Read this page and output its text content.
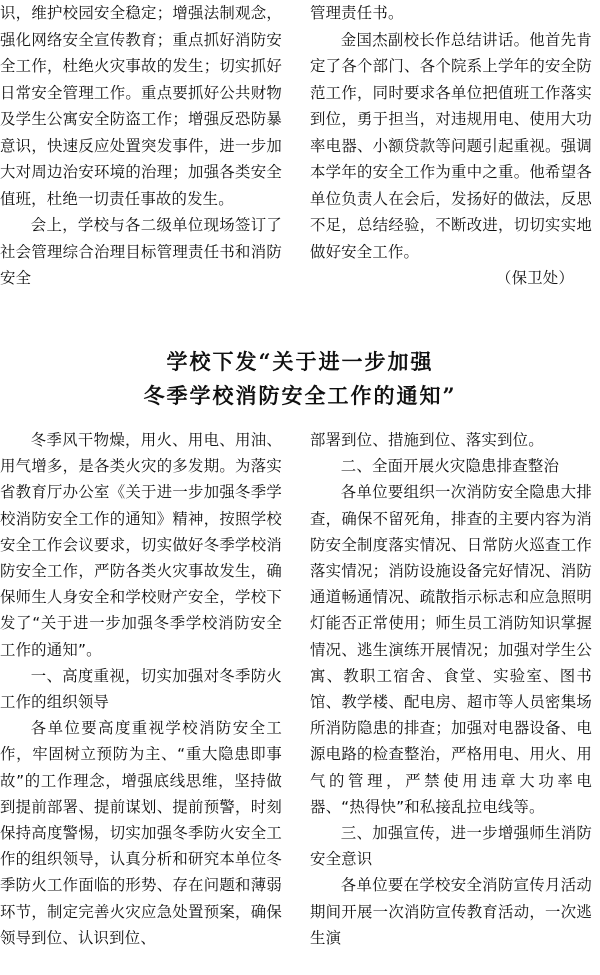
识，维护校园安全稳定；增强法制观念，强化网络安全宣传教育；重点抓好消防安全工作，杜绝火灾事故的发生；切实抓好日常安全管理工作。重点要抓好公共财物及学生公寓安全防盗工作；增强反恐防暴意识，快速反应处置突发事件，进一步加大对周边治安环境的治理；加强各类安全值班，杜绝一切责任事故的发生。

会上，学校与各二级单位现场签订了社会管理综合治理目标管理责任书和消防安全

管理责任书。

金国杰副校长作总结讲话。他首先肯定了各个部门、各个院系上学年的安全防范工作，同时要求各单位把值班工作落实到位，勇于担当，对违规用电、使用大功率电器、小额贷款等问题引起重视。强调本学年的安全工作为重中之重。他希望各单位负责人在会后，发扬好的做法，反思不足，总结经验，不断改进，切切实实地做好安全工作。

（保卫处）

学校下发“关于进一步加强
冬季学校消防安全工作的通知”

冬季风干物燥，用火、用电、用油、用气增多，是各类火灾的多发期。为落实省教育厅办公室《关于进一步加强冬季学校消防安全工作的通知》精神，按照学校安全工作会议要求，切实做好冬季学校消防安全工作，严防各类火灾事故发生，确保师生人身安全和学校财产安全，学校下发了“关于进一步加强冬季学校消防安全工作的通知”。

一、高度重视，切实加强对冬季防火工作的组织领导

各单位要高度重视学校消防安全工作，牢固树立预防为主、“重大隐患即事故”的工作理念，增强底线思维，坚持做到提前部署、提前谋划、提前预警，时刻保持高度警惕，切实加强冬季防火安全工作的组织领导，认真分析和研究本单位冬季防火工作面临的形势、存在问题和薄弱环节，制定完善火灾应急处置预案，确保领导到位、认识到位、

部署到位、措施到位、落实到位。

二、全面开展火灾隐患排查整治

各单位要组织一次消防安全隐患大排查，确保不留死角，排查的主要内容为消防安全制度落实情况、日常防火巡查工作落实情况；消防设施设备完好情况、消防通道畅通情况、疏散指示标志和应急照明灯能否正常使用；师生员工消防知识掌握情况、逃生演练开展情况；加强对学生公寓、教职工宿舍、食堂、实验室、图书馆、教学楼、配电房、超市等人员密集场所消防隐患的排查；加强对电器设备、电源电路的检查整治，严格用电、用火、用气的管理，严禁使用违章大功率电器、“热得快”和私接乱拉电线等。

三、加强宣传，进一步增强师生消防安全意识

各单位要在学校安全消防宣传月活动期间开展一次消防宣传教育活动，一次逃生演
